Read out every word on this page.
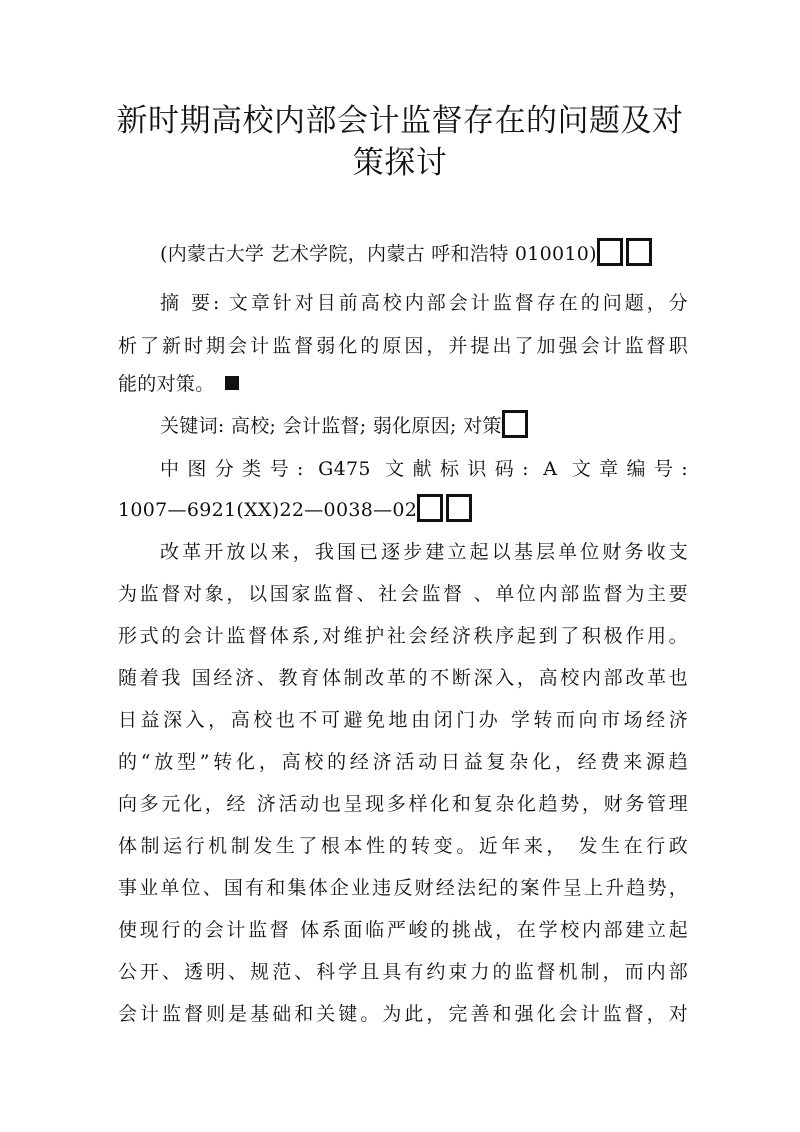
新时期高校内部会计监督存在的问题及对
策探讨
(内蒙古大学 艺术学院，内蒙古 呼和浩特 010010)
摘 要: 文章针对目前高校内部会计监督存在的问题，分
析了新时期会计监督弱化的原因，并提出了加强会计监督职
能的对策。
关键词: 高校; 会计监督; 弱化原因; 对策
中图分类号: G475 文献标识码: A 文章编号:
1007—6921(XX)22—0038—02
改革开放以来，我国已逐步建立起以基层单位财务收支
为监督对象，以国家监督、社会监督 、单位内部监督为主要
形式的会计监督体系,对维护社会经济秩序起到了积极作用。
随着我 国经济、教育体制改革的不断深入，高校内部改革也
日益深入，高校也不可避免地由闭门办 学转而向市场经济
的“放型”转化，高校的经济活动日益复杂化，经费来源趋
向多元化，经 济活动也呈现多样化和复杂化趋势，财务管理
体制运行机制发生了根本性的转变。近年来， 发生在行政
事业单位、国有和集体企业违反财经法纪的案件呈上升趋势，
使现行的会计监督 体系面临严峻的挑战，在学校内部建立起
公开、透明、规范、科学且具有约束力的监督机制，而内部
会计监督则是基础和关键。为此，完善和强化会计监督，对
